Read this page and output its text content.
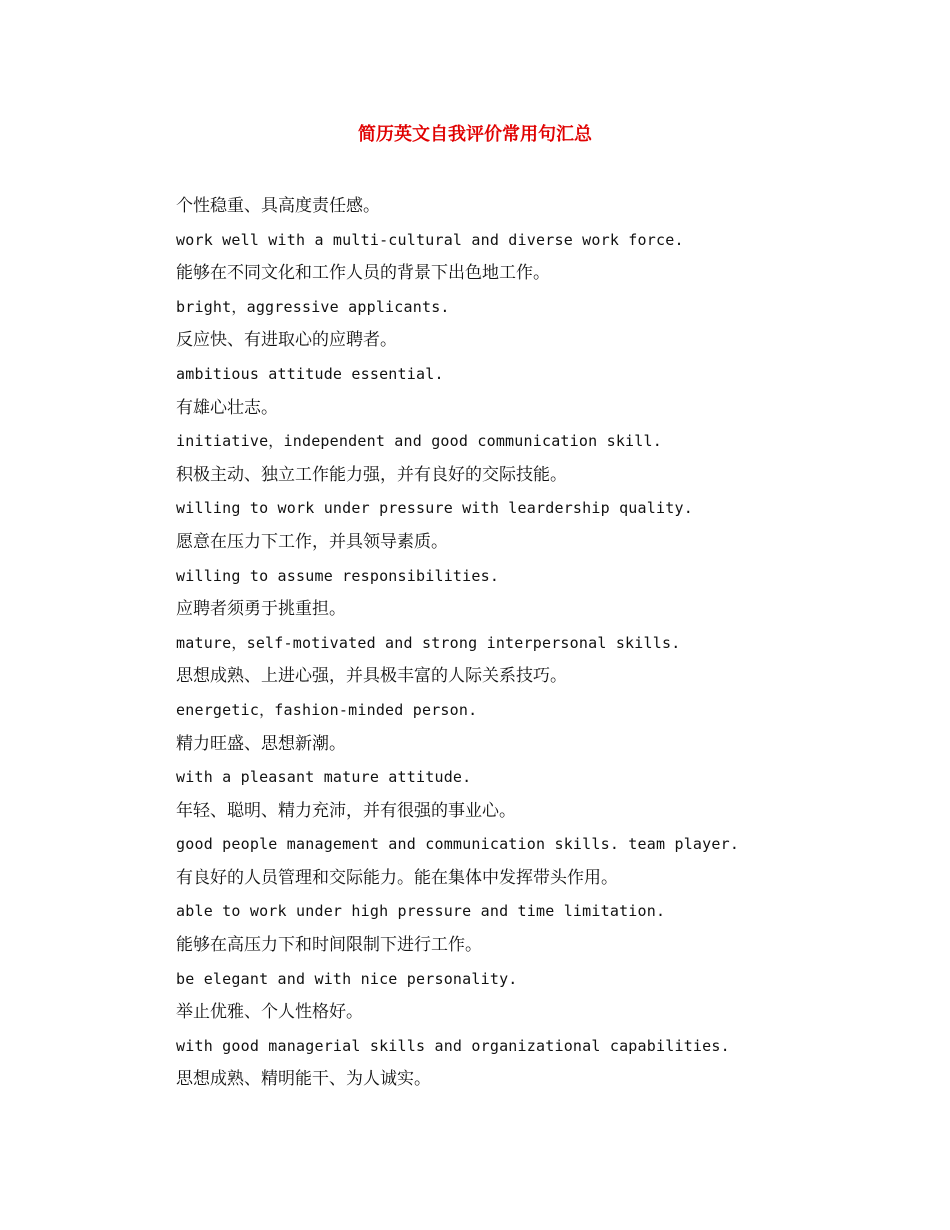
简历英文自我评价常用句汇总
个性稳重、具高度责任感。
work well with a multi-cultural and diverse work force.
能够在不同文化和工作人员的背景下出色地工作。
bright，aggressive applicants.
反应快、有进取心的应聘者。
ambitious attitude essential.
有雄心壮志。
initiative，independent and good communication skill.
积极主动、独立工作能力强，并有良好的交际技能。
willing to work under pressure with leardership quality.
愿意在压力下工作，并具领导素质。
willing to assume responsibilities.
应聘者须勇于挑重担。
mature，self-motivated and strong interpersonal skills.
思想成熟、上进心强，并具极丰富的人际关系技巧。
energetic，fashion-minded person.
精力旺盛、思想新潮。
with a pleasant mature attitude.
年轻、聪明、精力充沛，并有很强的事业心。
good people management and communication skills. team player.
有良好的人员管理和交际能力。能在集体中发挥带头作用。
able to work under high pressure and time limitation.
能够在高压力下和时间限制下进行工作。
be elegant and with nice personality.
举止优雅、个人性格好。
with good managerial skills and organizational capabilities.
思想成熟、精明能干、为人诚实。
